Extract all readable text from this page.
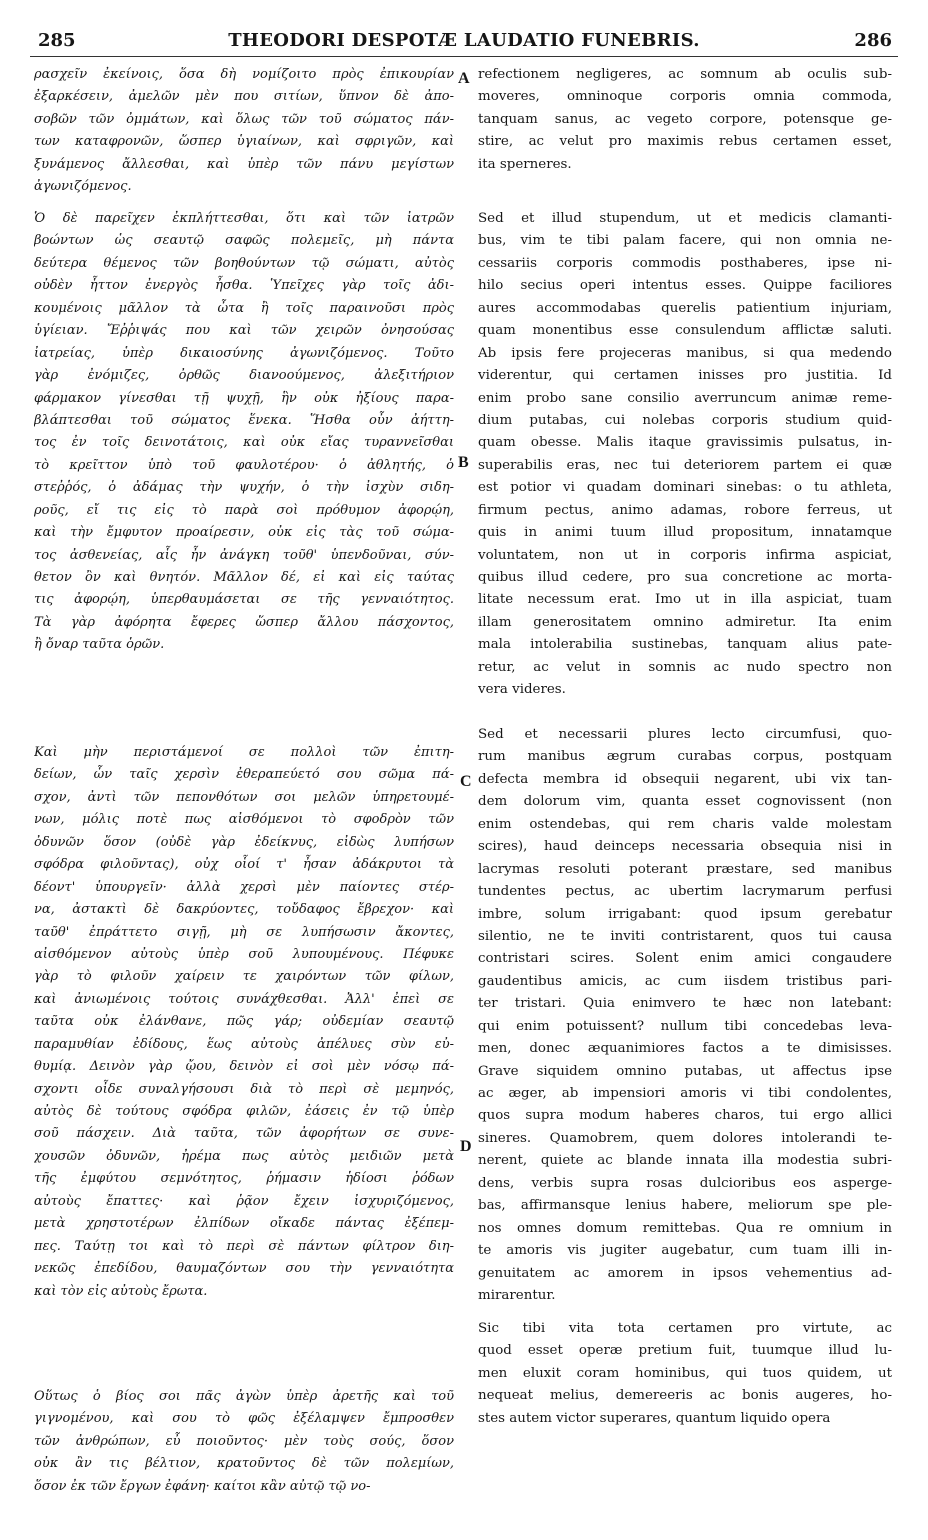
285	THEODORI DESPOTÆ LAUDATIO FUNEBRIS.	286
ρασχεῖν ἐκείνοις, ὅσα δὴ νομίζοιτο πρὸς ἐπικουρίαν
ἐξαρκέσειν, ἀμελῶν μὲν που σιτίων, ὕπνον δὲ ἀπο-
σοβῶν τῶν ὀμμάτων, καὶ ὅλως τῶν τοῦ σώματος πάν-
των καταφρονῶν, ὥσπερ ὑγιαίνων, καὶ σφριγῶν, καὶ
ξυνάμενος ἄλλεσθαι, καὶ ὑπὲρ τῶν πάνυ μεγίστων
ἀγωνιζόμενος.
Ὁ δὲ παρεῖχεν ἐκπλήττεσθαι, ὅτι καὶ τῶν ἰατρῶν
βοώντων ὡς σεαυτῷ σαφῶς πολεμεῖς, μὴ πάντα
δεύτερα θέμενος τῶν βοηθούντων τῷ σώματι, αὐτὸς
οὐδὲν ἧττον ἐνεργὸς ἦσθα. Ὑπεῖχες γὰρ τοῖς ἀδι-
κουμένοις μᾶλλον τὰ ὦτα ἢ τοῖς παραινοῦσι πρὸς
ὑγίειαν. Ἔῤῥιψάς που καὶ τῶν χειρῶν ὀνησούσας
ἰατρείας, ὑπὲρ δικαιοσύνης ἀγωνιζόμενος. Τοῦτο
γὰρ ἐνόμιζες, ὀρθῶς διανοούμενος, ἀλεξιτήριον
φάρμακον γίνεσθαι τῇ ψυχῇ, ἣν οὐκ ἠξίους παρα-
βλάπτεσθαι τοῦ σώματος ἕνεκα. Ἥσθα οὖν ἀήττη-
τος ἐν τοῖς δεινοτάτοις, καὶ οὐκ εἴας τυραννεῖσθαι
τὸ κρεῖττον ὑπὸ τοῦ φαυλοτέρου· ὁ ἀθλητής, ὁ
στεῤῥός, ὁ ἀδάμας τὴν ψυχήν, ὁ τὴν ἰσχὺν σιδη-
ροῦς, εἴ τις εἰς τὸ παρὰ σοὶ πρόθυμον ἀφορῴη,
καὶ τὴν ἔμφυτον προαίρεσιν, οὐκ εἰς τὰς τοῦ σώμα-
τος ἀσθενείας, αἷς ἦν ἀνάγκη τοῦθ' ὑπενδοῦναι, σύν-
θετον ὂν καὶ θνητόν. Μᾶλλον δέ, εἰ καὶ εἰς ταύτας
τις ἀφορῴη, ὑπερθαυμάσεται σε τῆς γενναιότητος.
Τὰ γὰρ ἀφόρητα ἔφερες ὥσπερ ἄλλου πάσχοντος,
ἢ ὄναρ ταῦτα ὁρῶν.
Καὶ μὴν περιστάμενοί σε πολλοὶ τῶν ἐπιτη-
δείων, ὧν ταῖς χερσὶν ἐθεραπεύετό σου σῶμα πά-
σχον, ἀντὶ τῶν πεπονθότων σοι μελῶν ὑπηρετουμέ-
νων, μόλις ποτὲ πως αἰσθόμενοι τὸ σφοδρὸν τῶν
ὀδυνῶν ὅσον (οὐδὲ γὰρ ἐδείκνυς, εἰδὼς λυπήσων
σφόδρα φιλοῦντας), οὐχ οἷοί τ' ἦσαν ἀδάκρυτοι τὰ
δέοντ' ὑπουργεῖν· ἀλλὰ χερσὶ μὲν παίοντες στέρ-
να, ἀστακτὶ δὲ δακρύοντες, τοὔδαφος ἔβρεχον· καὶ
ταῦθ' ἐπράττετο σιγῇ, μὴ σε λυπήσωσιν ἄκοντες,
αἰσθόμενον αὐτοὺς ὑπὲρ σοῦ λυπουμένους. Πέφυκε
γὰρ τὸ φιλοῦν χαίρειν τε χαιρόντων τῶν φίλων,
καὶ ἀνιωμένοις τούτοις συνάχθεσθαι. Ἀλλ' ἐπεὶ σε
ταῦτα οὐκ ἐλάνθανε, πῶς γάρ; οὐδεμίαν σεαυτῷ
παραμυθίαν ἐδίδους, ἕως αὐτοὺς ἀπέλυες σὺν εὐ-
θυμίᾳ. Δεινὸν γὰρ ᾤου, δεινὸν εἰ σοὶ μὲν νόσῳ πά-
σχοντι οἶδε συναλγήσουσι διὰ τὸ περὶ σὲ μεμηνός,
αὐτὸς δὲ τούτους σφόδρα φιλῶν, ἐάσεις ἐν τῷ ὑπὲρ
σοῦ πάσχειν. Διὰ ταῦτα, τῶν ἀφορήτων σε συνε-
χουσῶν ὀδυνῶν, ἠρέμα πως αὐτὸς μειδιῶν μετὰ
τῆς ἐμφύτου σεμνότητος, ῥήμασιν ἡδίοσι ῥόδων
αὐτοὺς ἔπαττες· καὶ ῥᾷον ἔχειν ἰσχυριζόμενος,
μετὰ χρηστοτέρων ἐλπίδων οἴκαδε πάντας ἐξέπεμ-
πες. Ταύτῃ τοι καὶ τὸ περὶ σὲ πάντων φίλτρον διη-
νεκῶς ἐπεδίδου, θαυμαζόντων σου τὴν γενναιότητα
καὶ τὸν εἰς αὐτοὺς ἔρωτα.
Οὕτως ὁ βίος σοι πᾶς ἀγὼν ὑπὲρ ἀρετῆς καὶ τοῦ
γιγνομένου, καὶ σου τὸ φῶς ἐξέλαμψεν ἔμπροσθεν
τῶν ἀνθρώπων, εὖ ποιοῦντος· μὲν τοὺς σούς, ὅσον
οὐκ ἂν τις βέλτιον, κρατοῦντος δὲ τῶν πολεμίων,
ὅσον ἐκ τῶν ἔργων ἐφάνη· καίτοι κἂν αὐτῷ τῷ νο-
refectionem negligeres, ac somnum ab oculis sub-
moveres, omninoque corporis omnia commoda,
tanquam sanus, ac vegeto corpore, potensque ge-
stire, ac velut pro maximis rebus certamen esset,
ita sperneres.
Sed et illud stupendum, ut et medicis clamanti-
bus, vim te tibi palam facere, qui non omnia ne-
cessariis corporis commodis posthaberes, ipse ni-
hilo secius operi intentus esses. Quippe faciliores
aures accommodabas querelis patientium injuriam,
quam monentibus esse consulendum afflictæ saluti.
Ab ipsis fere projeceras manibus, si qua medendo
viderentur, qui certamen inisses pro justitia. Id
enim probo sane consilio averruncum animæ reme-
dium putabas, cui nolebas corporis studium quid-
quam obesse. Malis itaque gravissimis pulsatus, in-
superabilis eras, nec tui deteriorem partem ei quæ
est potior vi quadam dominari sinebas: o tu athleta,
firmum pectus, animo adamas, robore ferreus, ut
quis in animi tuum illud propositum, innatamque
voluntatem, non ut in corporis infirma aspiciat,
quibus illud cedere, pro sua concretione ac morta-
litate necessum erat. Imo ut in illa aspiciat, tuam
illam generositatem omnino admiretur. Ita enim
mala intolerabilia sustinebas, tanquam alius pate-
retur, ac velut in somnis ac nudo spectro non
vera videres.
Sed et necessarii plures lecto circumfusi, quo-
rum manibus ægrum curabas corpus, postquam
defecta membra id obsequii negarent, ubi vix tan-
dem dolorum vim, quanta esset cognovissent (non
enim ostendebas, qui rem charis valde molestam
scires), haud deinceps necessaria obsequia nisi in
lacrymas resoluti poterant præstare, sed manibus
tundentes pectus, ac ubertim lacrymarum perfusi
imbre, solum irrigabant: quod ipsum gerebatur
silentio, ne te inviti contristarent, quos tui causa
contristari scires. Solent enim amici congaudere
gaudentibus amicis, ac cum iisdem tristibus pari-
ter tristari. Quia enimvero te hæc non latebant:
qui enim potuissent? nullum tibi concedebas leva-
men, donec æquanimiores factos a te dimisisses.
Grave siquidem omnino putabas, ut affectus ipse
ac æger, ab impensiori amoris vi tibi condolentes,
quos supra modum haberes charos, tui ergo allici
sineres. Quamobrem, quem dolores intolerandi te-
nerent, quiete ac blande innata illa modestia subri-
dens, verbis supra rosas dulcioribus eos asperge-
bas, affirmansque lenius habere, meliorum spe ple-
nos omnes domum remittebas. Qua re omnium in
te amoris vis jugiter augebatur, cum tuam illi in-
genuitatem ac amorem in ipsos vehementius ad-
mirarentur.
Sic tibi vita tota certamen pro virtute, ac
quod esset operæ pretium fuit, tuumque illud lu-
men eluxit coram hominibus, qui tuos quidem, ut
nequeat melius, demereeris ac bonis augeres, ho-
stes autem victor superares, quantum liquido opera
A
B
C
D
